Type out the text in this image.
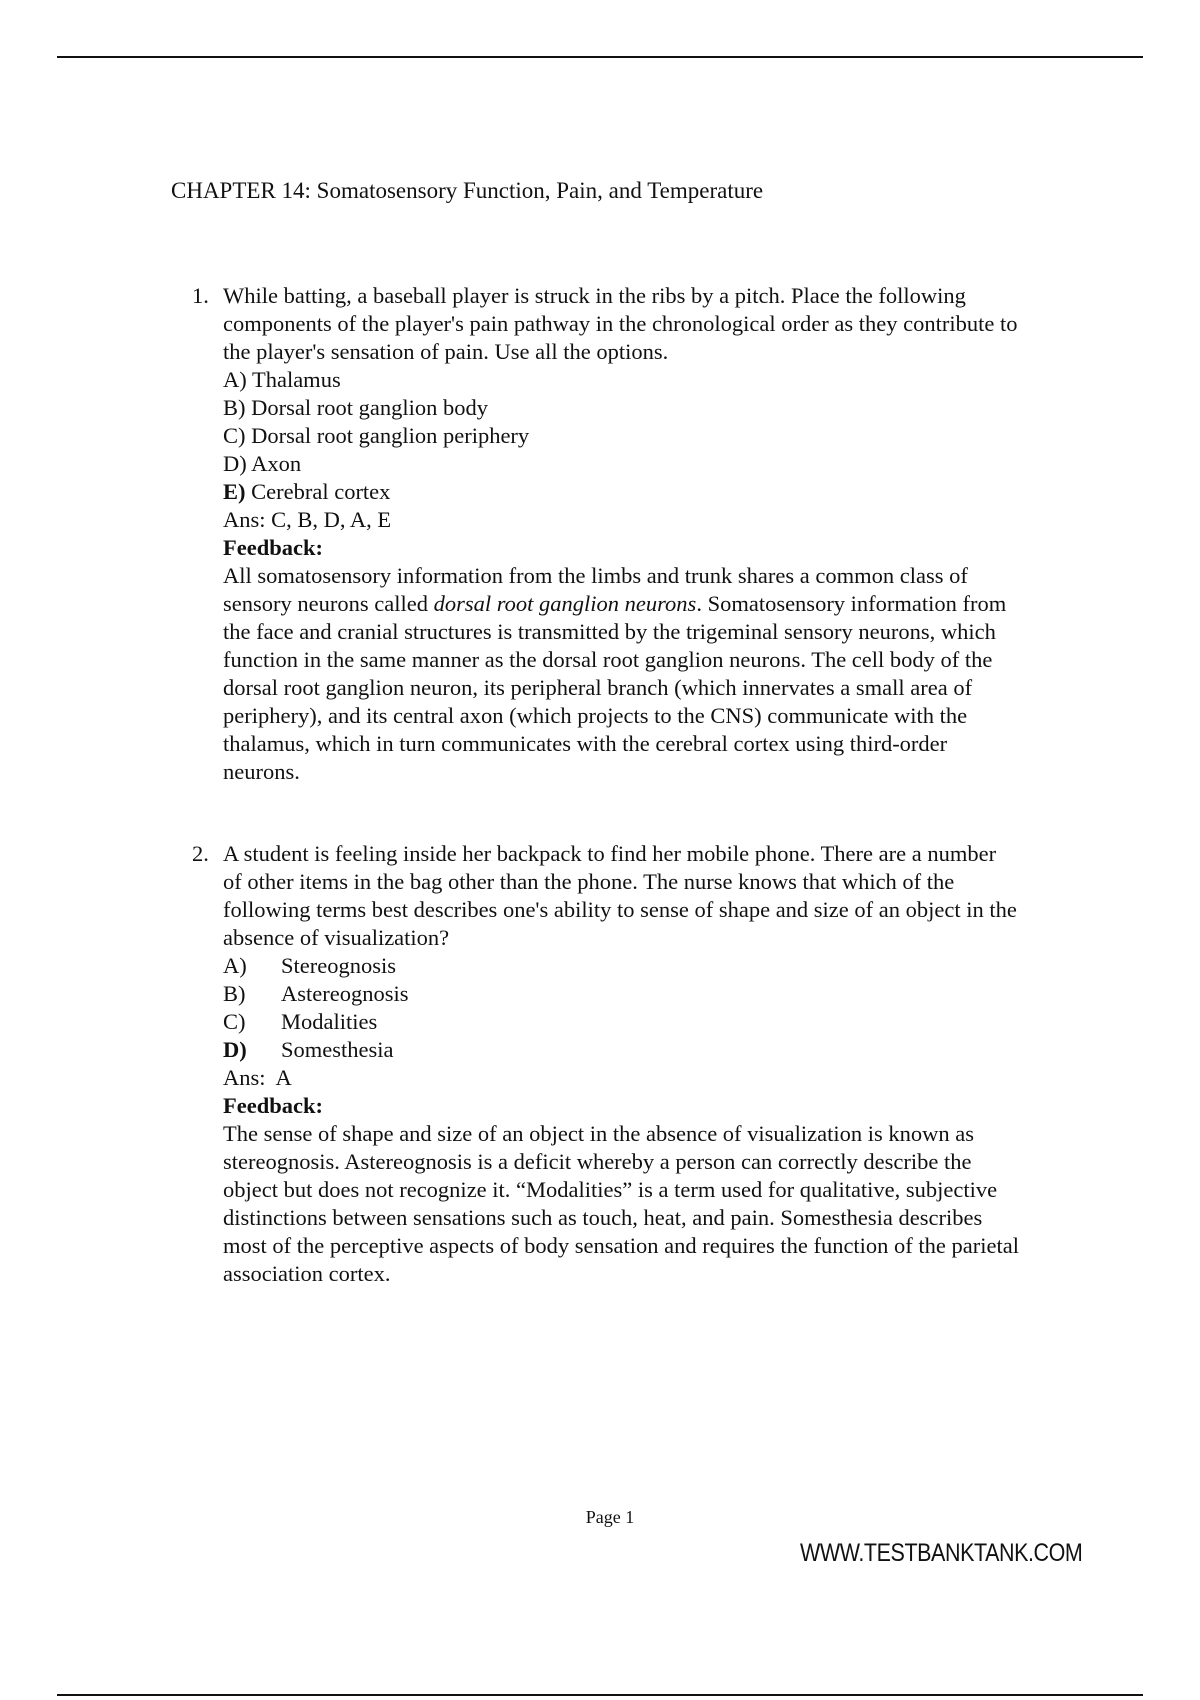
CHAPTER 14: Somatosensory Function, Pain, and Temperature
1. While batting, a baseball player is struck in the ribs by a pitch. Place the following
components of the player's pain pathway in the chronological order as they contribute to
the player's sensation of pain. Use all the options.
A) Thalamus
B) Dorsal root ganglion body
C) Dorsal root ganglion periphery
D) Axon
E) Cerebral cortex
Ans: C, B, D, A, E
Feedback:
All somatosensory information from the limbs and trunk shares a common class of
sensory neurons called dorsal root ganglion neurons. Somatosensory information from
the face and cranial structures is transmitted by the trigeminal sensory neurons, which
function in the same manner as the dorsal root ganglion neurons. The cell body of the
dorsal root ganglion neuron, its peripheral branch (which innervates a small area of
periphery), and its central axon (which projects to the CNS) communicate with the
thalamus, which in turn communicates with the cerebral cortex using third-order
neurons.
2. A student is feeling inside her backpack to find her mobile phone. There are a number
of other items in the bag other than the phone. The nurse knows that which of the
following terms best describes one's ability to sense of shape and size of an object in the
absence of visualization?
A)	Stereognosis
B)	Astereognosis
C)	Modalities
D)	Somesthesia
Ans:  A
Feedback:
The sense of shape and size of an object in the absence of visualization is known as
stereognosis. Astereognosis is a deficit whereby a person can correctly describe the
object but does not recognize it. “Modalities” is a term used for qualitative, subjective
distinctions between sensations such as touch, heat, and pain. Somesthesia describes
most of the perceptive aspects of body sensation and requires the function of the parietal
association cortex.
Page 1
WWW.TESTBANKTANK.COM
